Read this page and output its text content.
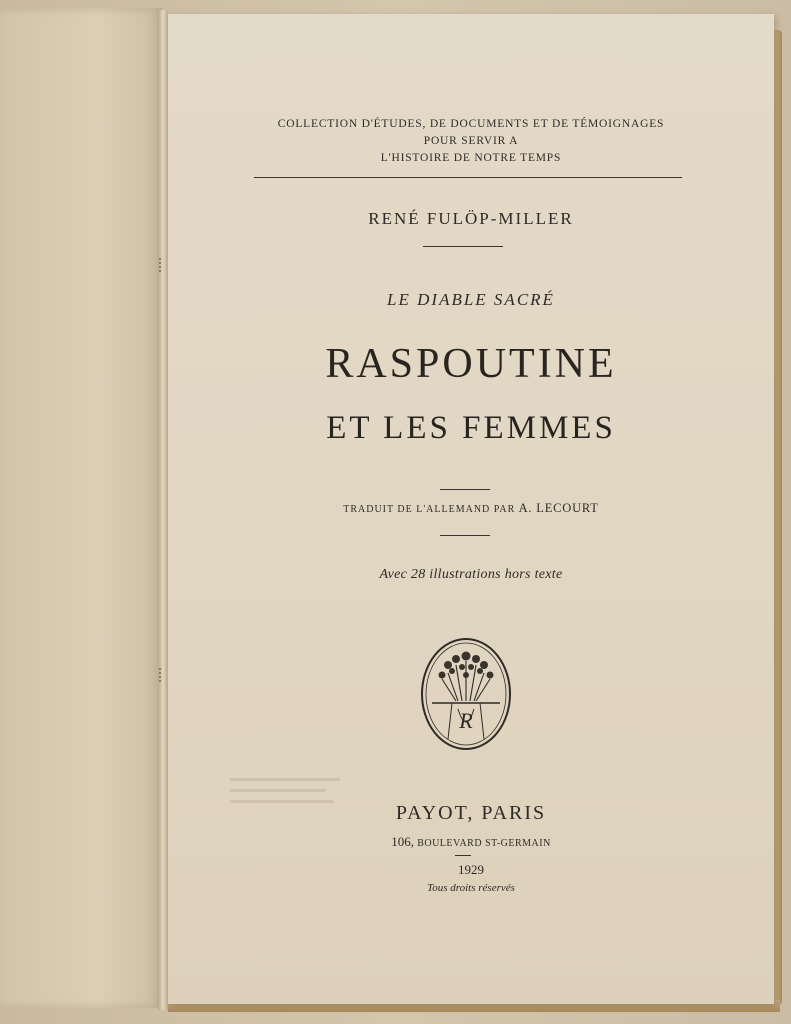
COLLECTION D'ÉTUDES, DE DOCUMENTS ET DE TÉMOIGNAGES
POUR SERVIR A
L'HISTOIRE DE NOTRE TEMPS
RENÉ FULÖP-MILLER
LE DIABLE SACRÉ
RASPOUTINE
ET LES FEMMES
TRADUIT DE L'ALLEMAND PAR A. LECOURT
Avec 28 illustrations hors texte
R
PAYOT, PARIS
106, BOULEVARD ST-GERMAIN
1929
Tous droits réservés
